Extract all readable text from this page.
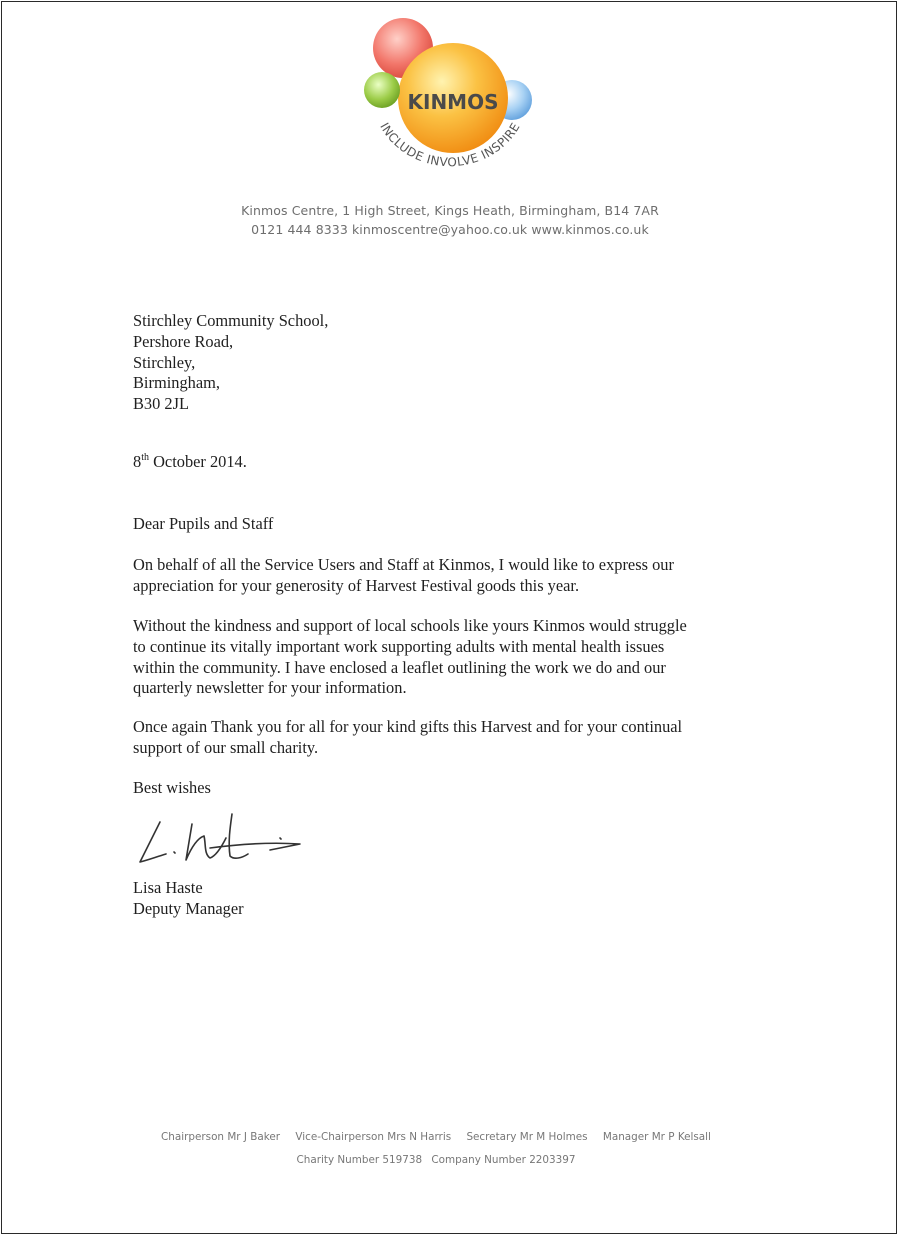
KINMOS
INCLUDE INVOLVE INSPIRE
Kinmos Centre, 1 High Street, Kings Heath, Birmingham, B14 7AR
0121 444 8333 kinmoscentre@yahoo.co.uk www.kinmos.co.uk
Stirchley Community School,
Pershore Road,
Stirchley,
Birmingham,
B30 2JL
8th October 2014.
Dear Pupils and Staff
On behalf of all the Service Users and Staff at Kinmos, I would like to express our
appreciation for your generosity of Harvest Festival goods this year.
Without the kindness and support of local schools like yours Kinmos would struggle
to continue its vitally important work supporting adults with mental health issues
within the community. I have enclosed a leaflet outlining the work we do and our
quarterly newsletter for your information.
Once again Thank you for all for your kind gifts this Harvest and for your continual
support of our small charity.
Best wishes
Lisa Haste
Deputy Manager
Chairperson Mr J Baker Vice-Chairperson Mrs N Harris Secretary Mr M Holmes Manager Mr P Kelsall
Charity Number 519738 Company Number 2203397
